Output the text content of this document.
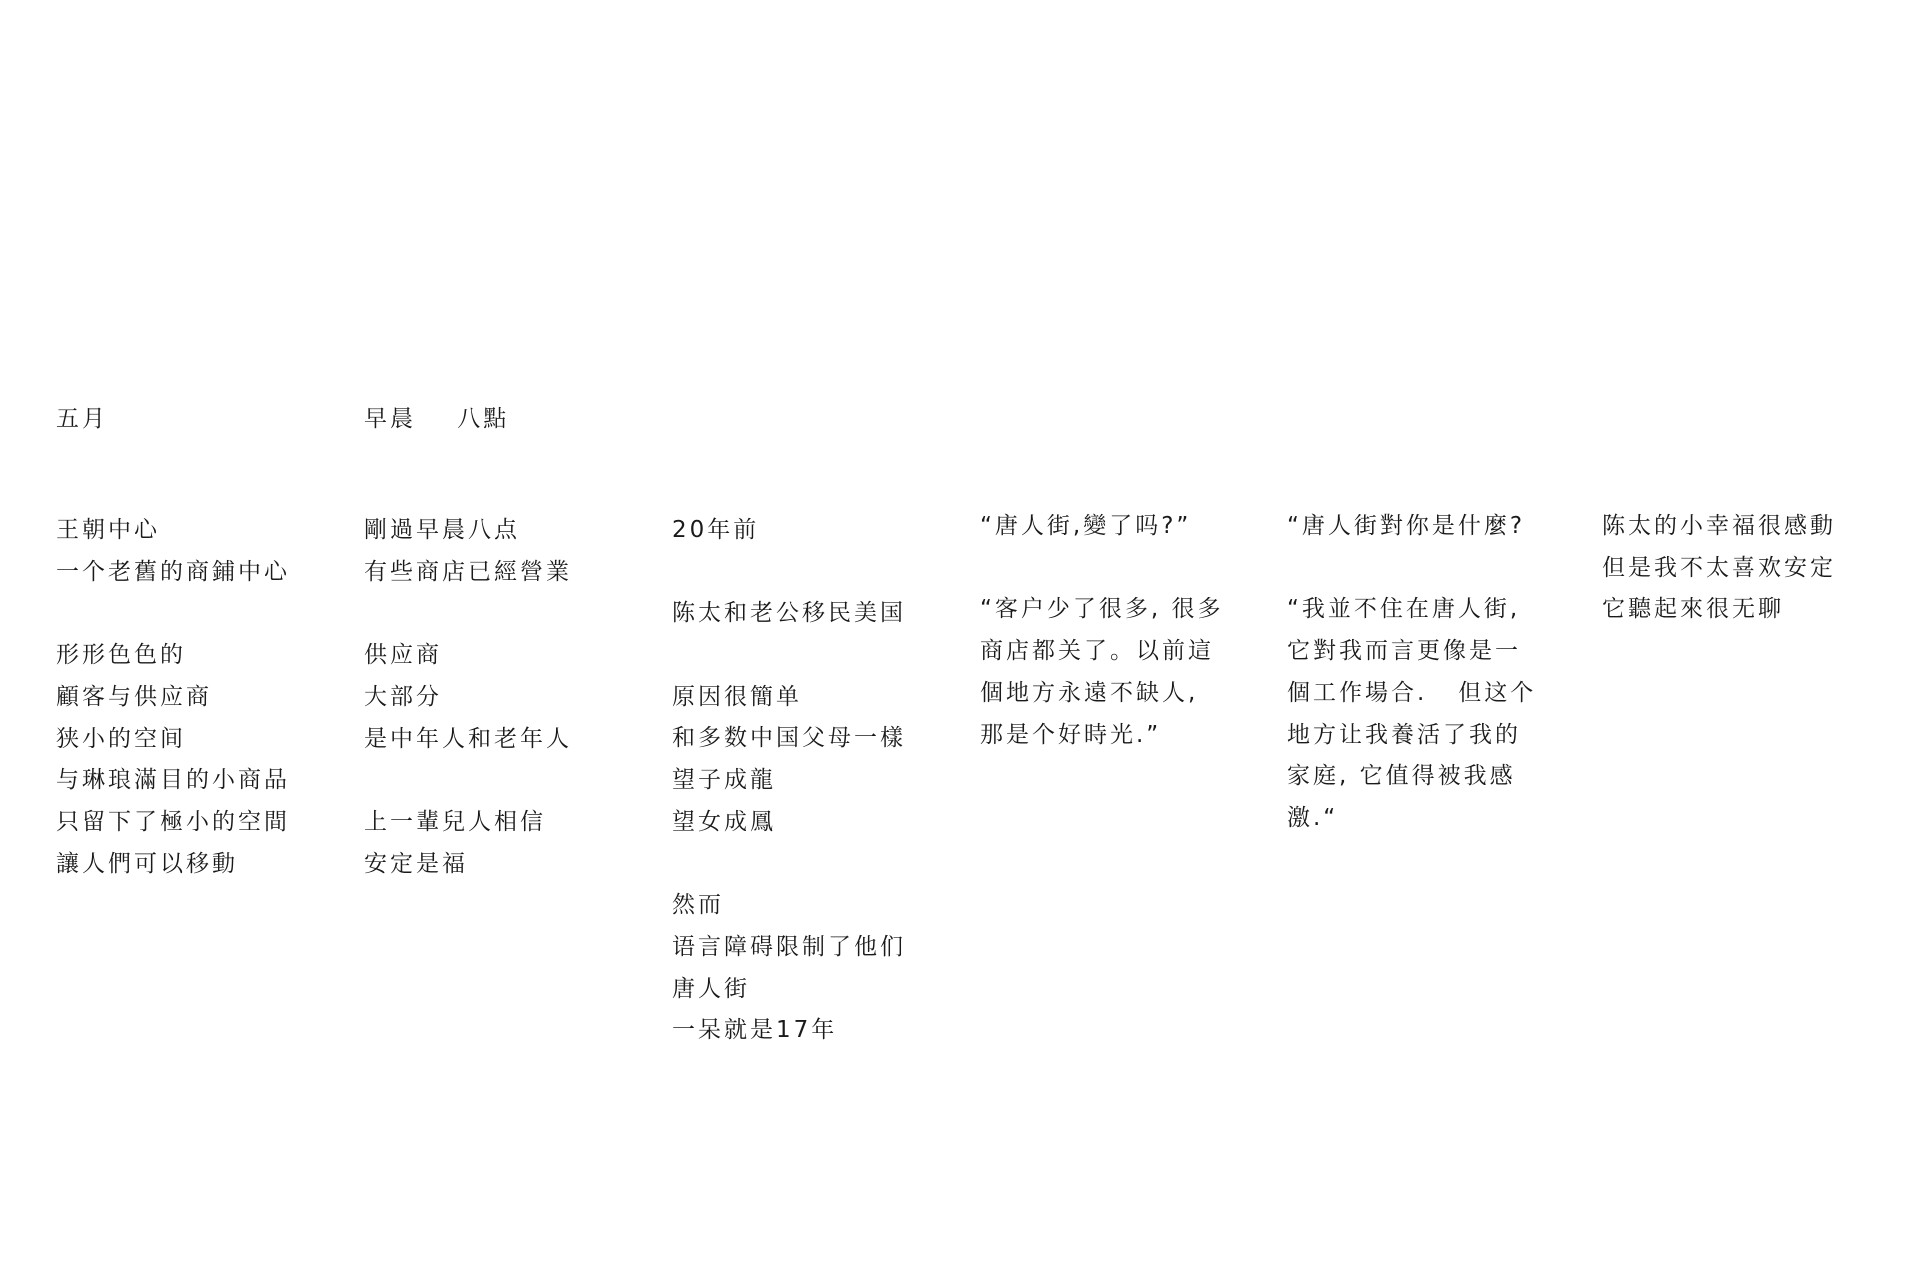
五月	早晨    八點
王朝中心
一个老舊的商鋪中心
形形色色的
顧客与供应商
狭小的空间
与琳琅滿目的小商品
只留下了極小的空間
讓人們可以移動
剛過早晨八点
有些商店已經營業
供应商
大部分
是中年人和老年人
上一輩兒人相信
安定是福
20年前
陈太和老公移民美国
原因很簡单
和多数中国父母一樣
望子成龍
望女成鳳
然而
语言障碍限制了他们
唐人街
一呆就是17年
“唐人街,變了吗?”
“客户少了很多, 很多
商店都关了。以前這
個地方永遠不缺人,
那是个好時光.”
“唐人街對你是什麼?
“我並不住在唐人街,
它對我而言更像是一
個工作場合.   但这个
地方让我養活了我的
家庭, 它值得被我感
激.“
陈太的小幸福很感動
但是我不太喜欢安定
它聽起來很无聊
